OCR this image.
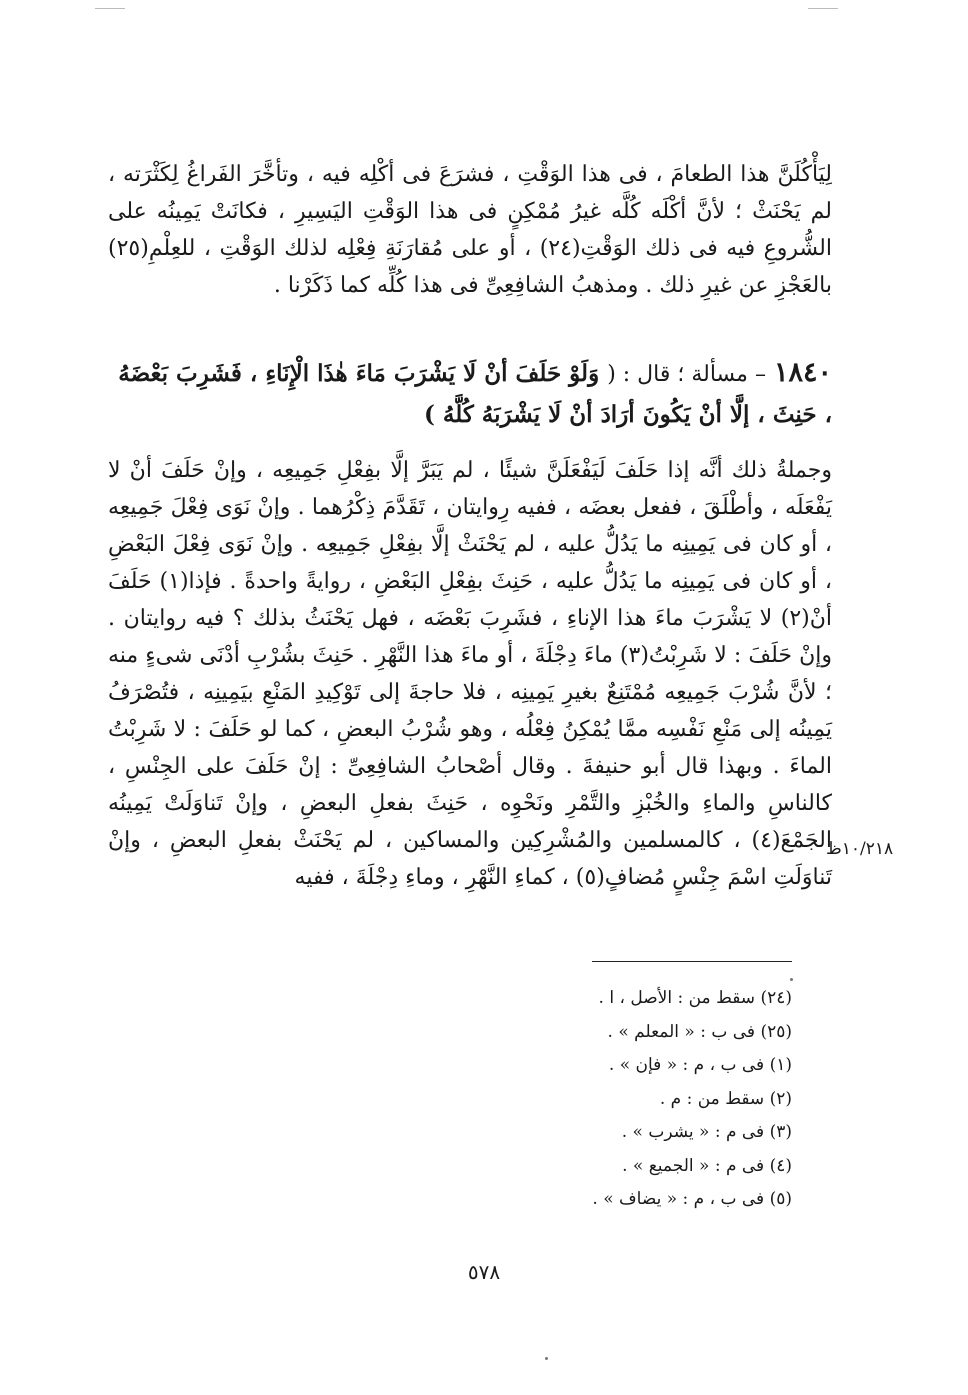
لِيَأْكُلَنَّ هذا الطعامَ ، فى هذا الوَقْتِ ، فشرَعَ فى أكْلِه فيه ، وتأخَّرَ الفَراغُ لِكَثْرَته ، لم يَحْنَثْ ؛ لأنَّ أكْلَه كُلَّه غيرُ مُمْكِنٍ فى هذا الوَقْتِ اليَسِيرِ ، فكانَتْ يَمِينُه على الشُّروعِ فيه فى ذلك الوَقْتِ(٢٤) ، أو على مُقارَنَةِ فِعْلِه لذلك الوَقْتِ ، للعِلْمِ(٢٥) بالعَجْزِ عن غيرِ ذلك . ومذهبُ الشافِعِىِّ فى هذا كُلِّه كما ذَكَرْنا .

١٨٤٠ – مسألة ؛ قال : ( وَلَوْ حَلَفَ أنْ لَا يَشْرَبَ مَاءَ هٰذَا الْإِنَاءِ ، فَشَرِبَ بَعْضَهُ ، حَنِثَ ، إلَّا أنْ يَكُونَ أرَادَ أنْ لَا يَشْرَبَهُ كُلَّهُ )

وجملةُ ذلك أنَّه إذا حَلَفَ لَيَفْعَلَنَّ شيئًا ، لم يَبَرَّ إلَّا بفِعْلِ جَمِيعِه ، وإنْ حَلَفَ أنْ لا يَفْعَلَه ، وأطْلَقَ ، ففعل بعضَه ، ففيه رِوايتان ، تَقَدَّمَ ذِكْرُهما . وإنْ نَوَى فِعْلَ جَمِيعِه ، أو كان فى يَمِينِه ما يَدُلُّ عليه ، لم يَحْنَثْ إلَّا بفِعْلِ جَمِيعِه . وإنْ نَوَى فِعْلَ البَعْضِ ، أو كان فى يَمِينِه ما يَدُلُّ عليه ، حَنِثَ بفِعْلِ البَعْضِ ، روايةً واحدةً . فإذا(١) حَلَفَ أنْ(٢) لا يَشْرَبَ ماءَ هذا الإناءِ ، فشَرِبَ بَعْضَه ، فهل يَحْنَثُ بذلك ؟ فيه روايتان . وإنْ حَلَفَ : لا شَرِبْتُ(٣) ماءَ دِجْلَةَ ، أو ماءَ هذا النَّهْرِ . حَنِثَ بشُرْبِ أدْنَى شىءٍ منه ؛ لأنَّ شُرْبَ جَمِيعِه مُمْتَنِعٌ بغيرِ يَمِينِه ، فلا حاجةَ إلى تَوْكِيدِ المَنْعِ بيَمِينِه ، فتُصْرَفُ يَمِينُه إلى مَنْعِ نَفْسِه ممَّا يُمْكِنُ فِعْلُه ، وهو شُرْبُ البعضِ ، كما لو حَلَفَ : لا شَرِبْتُ الماءَ . وبهذا قال أبو حنيفةَ . وقال أصْحابُ الشافِعِىِّ : إنْ حَلَفَ على الجِنْسِ ، كالناسِ والماءِ والخُبْزِ والتَّمْرِ ونَحْوِه ، حَنِثَ بفعلِ البعضِ ، وإنْ تَناوَلَتْ يَمِينُه الجَمْعَ(٤) ، كالمسلمين والمُشْرِكِين والمساكين ، لم يَحْنَثْ بفعلِ البعضِ ، وإنْ تَناوَلَتِ اسْمَ جِنْسٍ مُضافٍ(٥) ، كماءِ النَّهْرِ ، وماءِ دِجْلَةَ ، ففيه

١٠/٢١٨ظ
(٢٤) سقط من : الأصل ، ا .
(٢٥) فى ب : « المعلم » .
(١) فى ب ، م : « فإن » .
(٢) سقط من : م .
(٣) فى م : « يشرب » .
(٤) فى م : « الجميع » .
(٥) فى ب ، م : « يضاف » .
٥٧٨
